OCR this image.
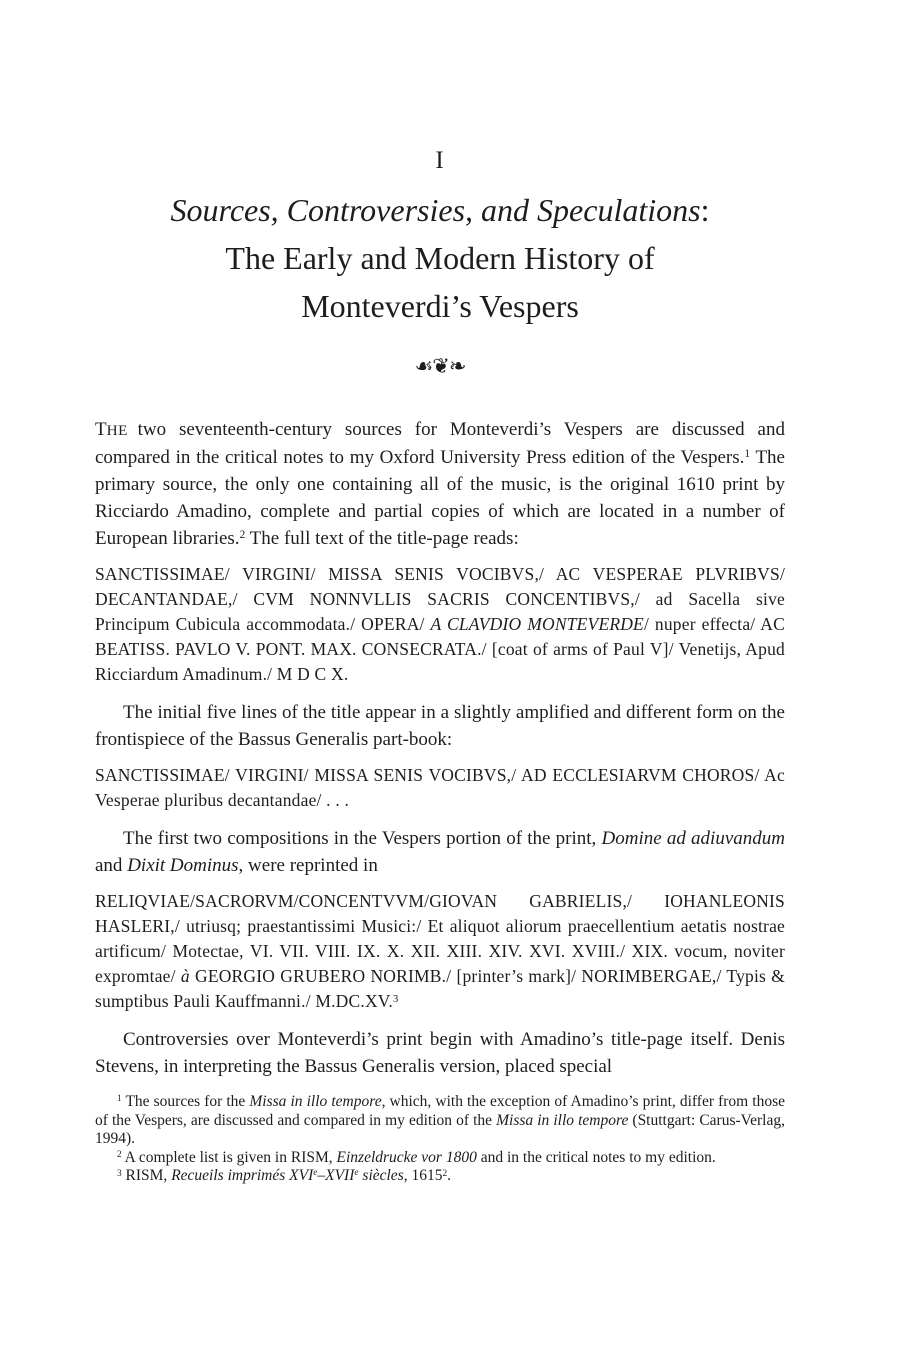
I
Sources, Controversies, and Speculations:
The Early and Modern History of
Monteverdi’s Vespers
☙❦❧

THE two seventeenth-century sources for Monteverdi’s Vespers are discussed and compared in the critical notes to my Oxford University Press edition of the Vespers.$^1$ The primary source, the only one containing all of the music, is the original 1610 print by Ricciardo Amadino, complete and partial copies of which are located in a number of European libraries.$^2$ The full text of the title-page reads:

SANCTISSIMAE/ VIRGINI/ MISSA SENIS VOCIBVS,/ AC VESPERAE PLVRIBVS/ DECANTANDAE,/ CVM NONNVLLIS SACRIS CONCENTIBVS,/ ad Sacella sive Principum Cubicula accommodata./ OPERA/ A CLAVDIO MONTEVERDE/ nuper effecta/ AC BEATISS. PAVLO V. PONT. MAX. CONSECRATA./ [coat of arms of Paul V]/ Venetijs, Apud Ricciardum Amadinum./ M D C X.

The initial five lines of the title appear in a slightly amplified and different form on the frontispiece of the Bassus Generalis part-book:

SANCTISSIMAE/ VIRGINI/ MISSA SENIS VOCIBVS,/ AD ECCLESIARVM CHOROS/ Ac Vesperae pluribus decantandae/ . . .

The first two compositions in the Vespers portion of the print, Domine ad adiuvandum and Dixit Dominus, were reprinted in

RELIQVIAE/SACRORVM/CONCENTVVM/GIOVAN GABRIELIS,/ IOHANLEONIS HASLERI,/ utriusq; praestantissimi Musici:/ Et aliquot aliorum praecellentium aetatis nostrae artificum/ Motectae, VI. VII. VIII. IX. X. XII. XIII. XIV. XVI. XVIII./ XIX. vocum, noviter expromtae/ à GEORGIO GRUBERO NORIMB./ [printer’s mark]/ NORIMBERGAE,/ Typis & sumptibus Pauli Kauffmanni./ M.DC.XV.$^3$

Controversies over Monteverdi’s print begin with Amadino’s title-page itself. Denis Stevens, in interpreting the Bassus Generalis version, placed special

$^1$ The sources for the Missa in illo tempore, which, with the exception of Amadino’s print, differ from those of the Vespers, are discussed and compared in my edition of the Missa in illo tempore (Stuttgart: Carus-Verlag, 1994).

$^2$ A complete list is given in RISM, Einzeldrucke vor 1800 and in the critical notes to my edition.

$^3$ RISM, Recueils imprimés XVIe–XVIIe siècles, 1615$^2$.
